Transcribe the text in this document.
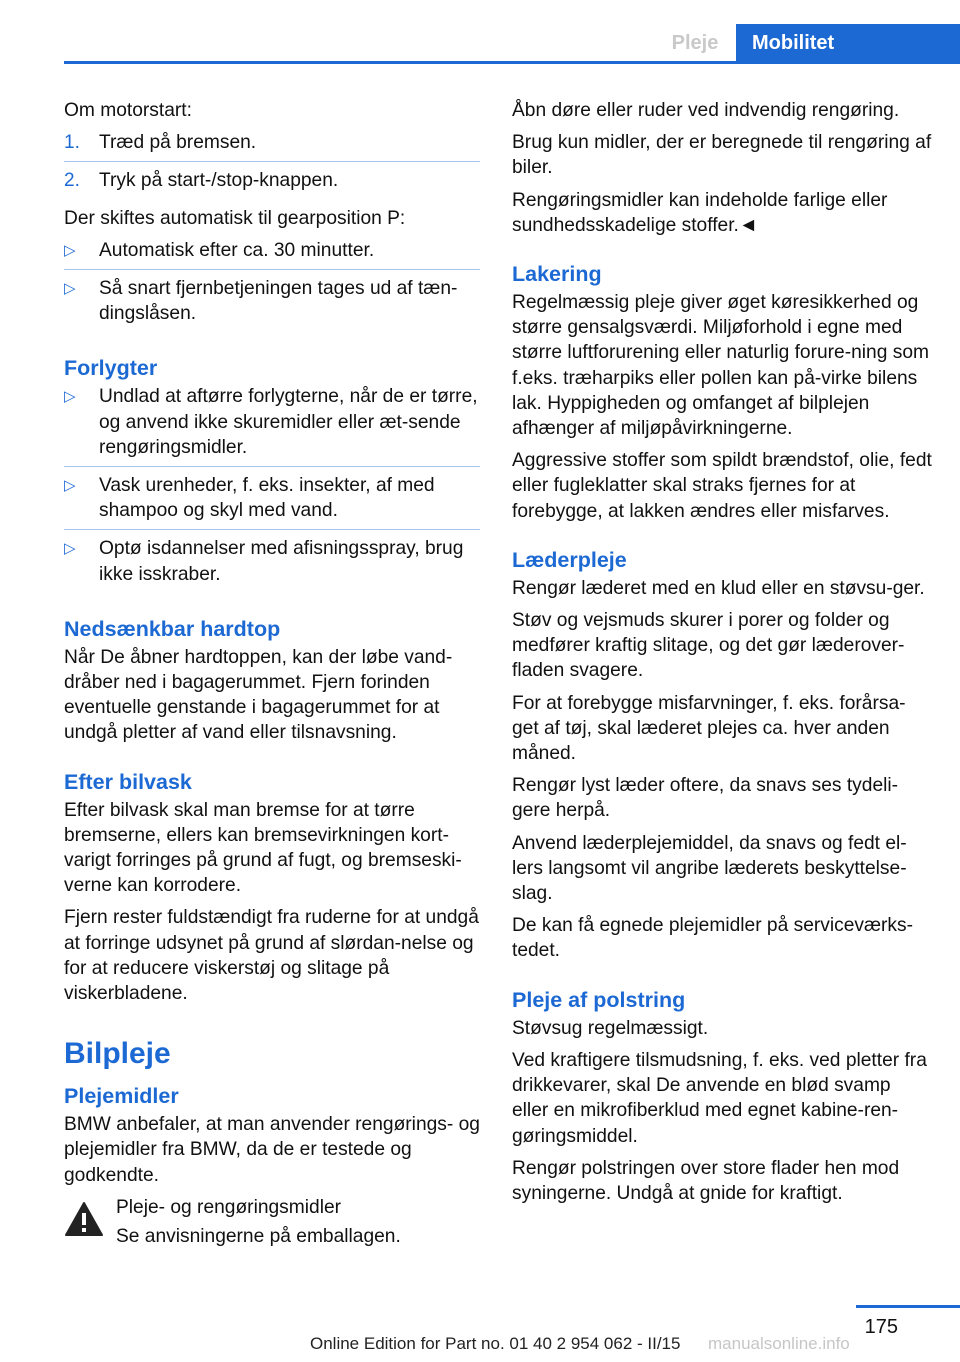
Pleje	Mobilitet

Om motorstart:

1. Træd på bremsen.
2. Tryk på start-/stop-knappen.

Der skiftes automatisk til gearposition P:

▷ Automatisk efter ca. 30 minutter.
▷ Så snart fjernbetjeningen tages ud af tæn-dingslåsen.
Forlygter
▷ Undlad at aftørre forlygterne, når de er tørre, og anvend ikke skuremidler eller æt-sende rengøringsmidler.
▷ Vask urenheder, f. eks. insekter, af med shampoo og skyl med vand.
▷ Optø isdannelser med afisningsspray, brug ikke isskraber.
Nedsænkbar hardtop

Når De åbner hardtoppen, kan der løbe vand-dråber ned i bagagerummet. Fjern forinden eventuelle genstande i bagagerummet for at undgå pletter af vand eller tilsnavsning.

Efter bilvask

Efter bilvask skal man bremse for at tørre bremserne, ellers kan bremsevirkningen kort-varigt forringes på grund af fugt, og bremseski-verne kan korrodere.

Fjern rester fuldstændigt fra ruderne for at undgå at forringe udsynet på grund af slørdan-nelse og for at reducere viskerstøj og slitage på viskerbladene.

Bilpleje
Plejemidler

BMW anbefaler, at man anvender rengørings- og plejemidler fra BMW, da de er testede og godkendte.

Pleje- og rengøringsmidler

Se anvisningerne på emballagen.

Åbn døre eller ruder ved indvendig rengøring.

Brug kun midler, der er beregnede til rengøring af biler.

Rengøringsmidler kan indeholde farlige eller sundhedsskadelige stoffer.◄

Lakering

Regelmæssig pleje giver øget køresikkerhed og større gensalgsværdi. Miljøforhold i egne med større luftforurening eller naturlig forure-ning som f.eks. træharpiks eller pollen kan på-virke bilens lak. Hyppigheden og omfanget af bilplejen afhænger af miljøpåvirkningerne.

Aggressive stoffer som spildt brændstof, olie, fedt eller fugleklatter skal straks fjernes for at forebygge, at lakken ændres eller misfarves.

Læderpleje

Rengør læderet med en klud eller en støvsu-ger.

Støv og vejsmuds skurer i porer og folder og medfører kraftig slitage, og det gør læderover-fladen svagere.

For at forebygge misfarvninger, f. eks. forårsa-get af tøj, skal læderet plejes ca. hver anden måned.

Rengør lyst læder oftere, da snavs ses tydeli-gere herpå.

Anvend læderplejemiddel, da snavs og fedt el-lers langsomt vil angribe læderets beskyttelse-slag.

De kan få egnede plejemidler på serviceværks-tedet.

Pleje af polstring

Støvsug regelmæssigt.

Ved kraftigere tilsmudsning, f. eks. ved pletter fra drikkevarer, skal De anvende en blød svamp eller en mikrofiberklud med egnet kabine-ren-gøringsmiddel.

Rengør polstringen over store flader hen mod syningerne. Undgå at gnide for kraftigt.

175
Online Edition for Part no. 01 40 2 954 062 - II/15	manualsonline.info
